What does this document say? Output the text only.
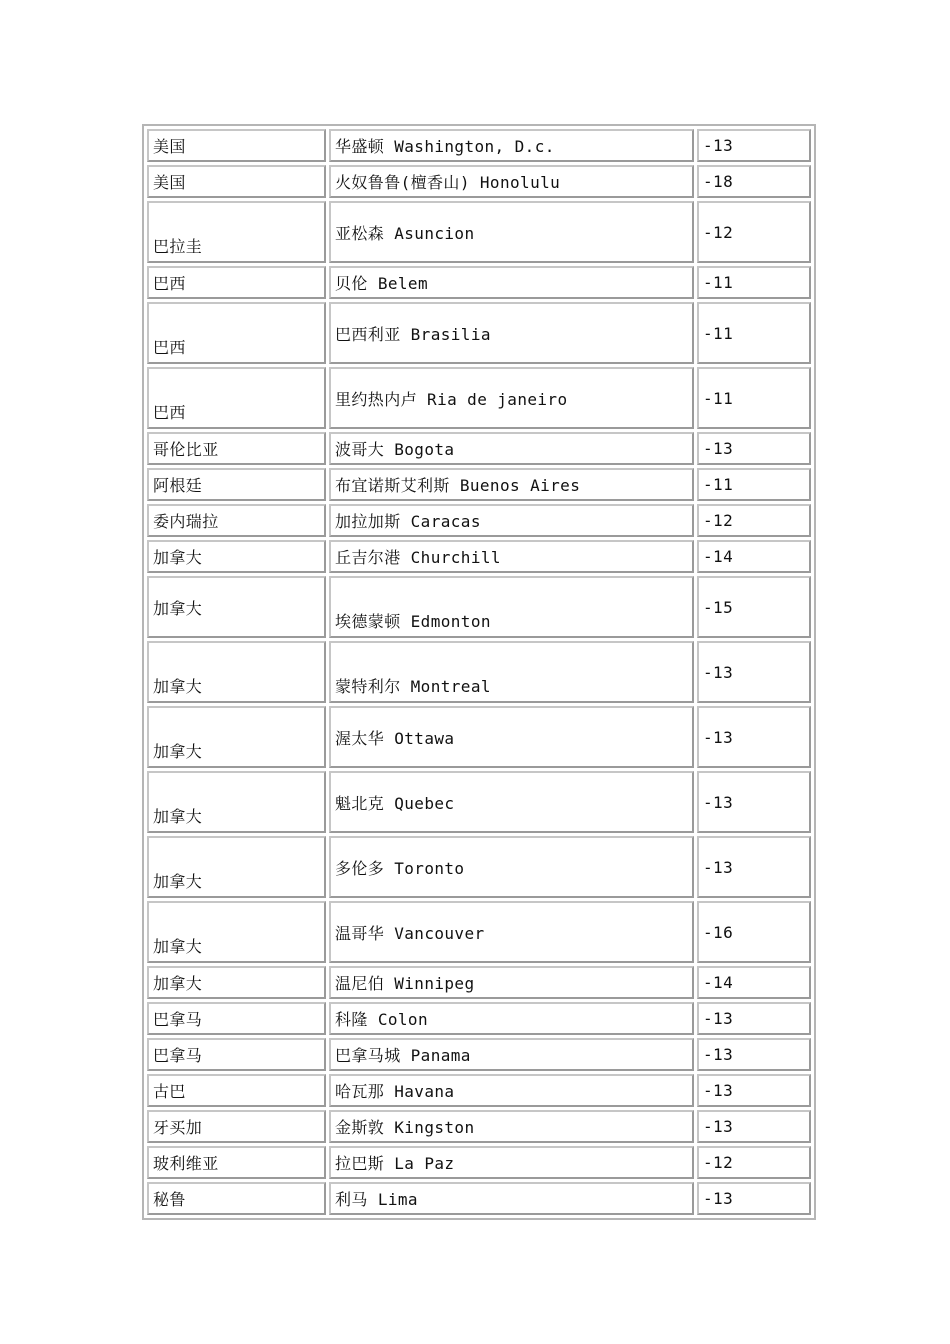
美国	华盛顿 Washington, D.c.	-13
美国	火奴鲁鲁(檀香山) Honolulu	-18
巴拉圭	亚松森 Asuncion	-12
巴西	贝伦 Belem	-11
巴西	巴西利亚 Brasilia	-11
巴西	里约热内卢 Ria de janeiro	-11
哥伦比亚	波哥大 Bogota	-13
阿根廷	布宜诺斯艾利斯 Buenos Aires	-11
委内瑞拉	加拉加斯 Caracas	-12
加拿大	丘吉尔港 Churchill	-14
加拿大	埃德蒙顿 Edmonton	-15
加拿大	蒙特利尔 Montreal	-13
加拿大	渥太华 Ottawa	-13
加拿大	魁北克 Quebec	-13
加拿大	多伦多 Toronto	-13
加拿大	温哥华 Vancouver	-16
加拿大	温尼伯 Winnipeg	-14
巴拿马	科隆 Colon	-13
巴拿马	巴拿马城 Panama	-13
古巴	哈瓦那 Havana	-13
牙买加	金斯敦 Kingston	-13
玻利维亚	拉巴斯 La Paz	-12
秘鲁	利马 Lima	-13
